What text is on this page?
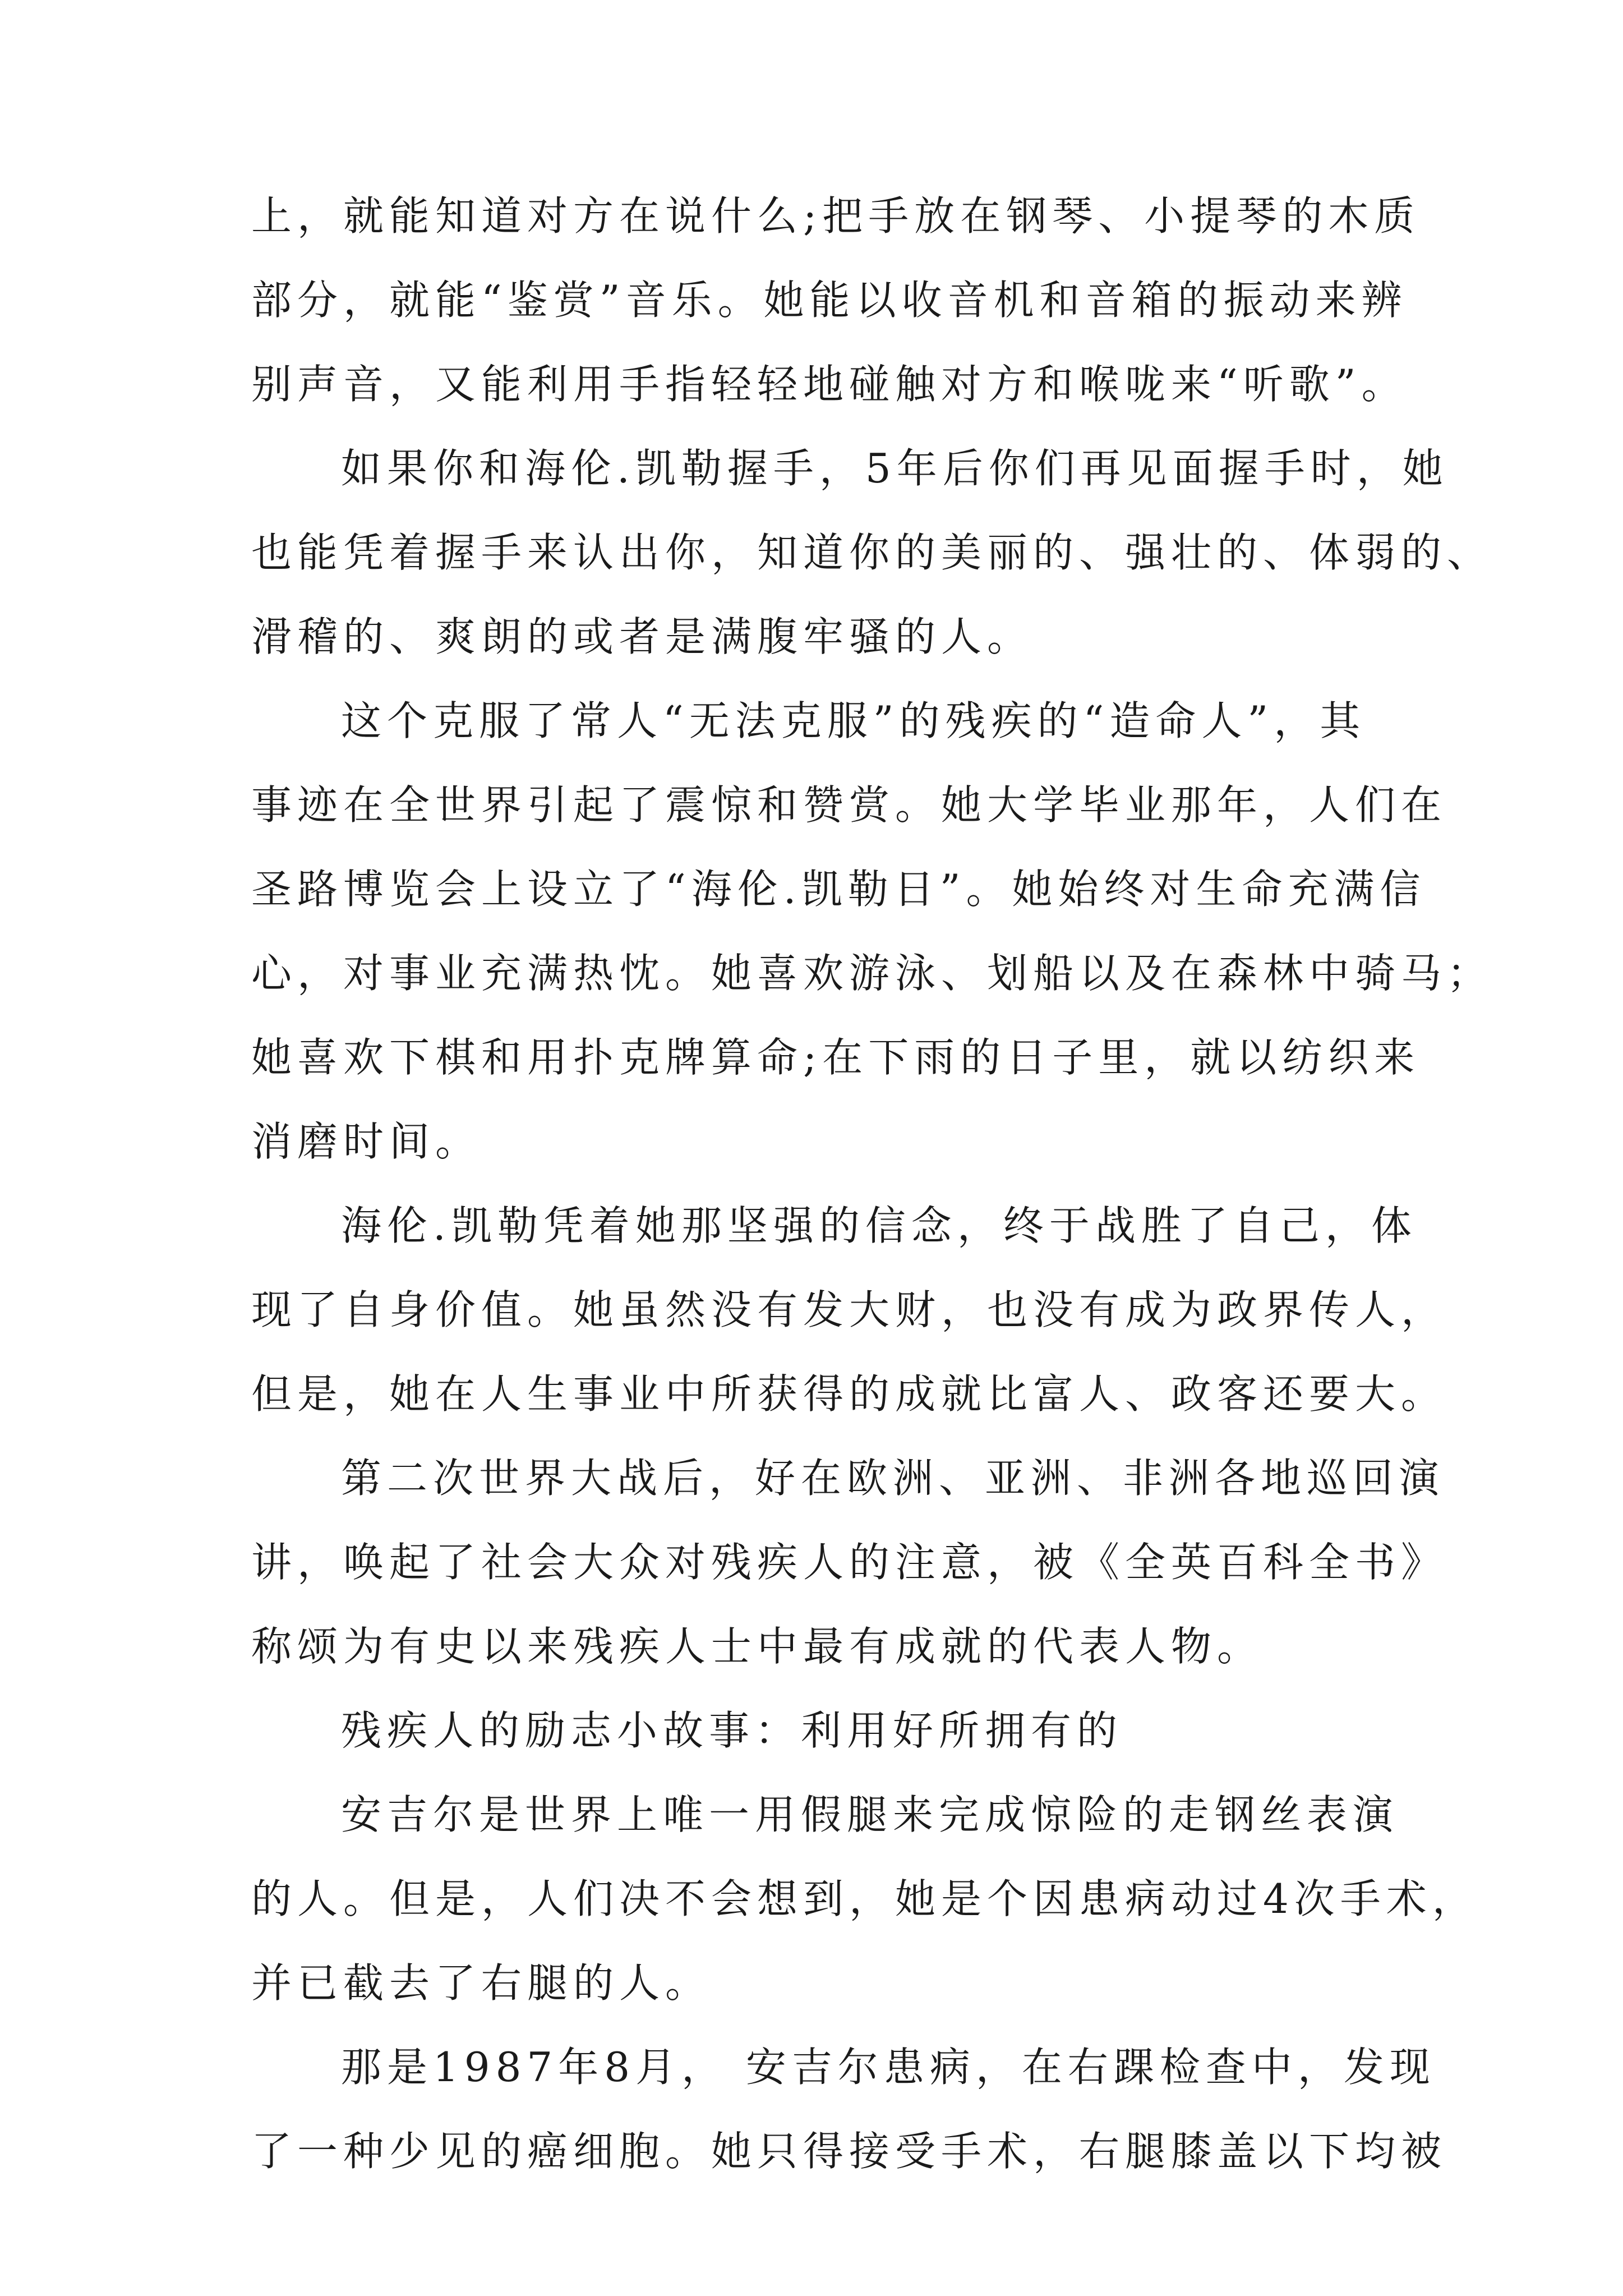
上，就能知道对方在说什么;把手放在钢琴、小提琴的木质
部分，就能“鉴赏”音乐。她能以收音机和音箱的振动来辨
别声音，又能利用手指轻轻地碰触对方和喉咙来“听歌”。
如果你和海伦.凯勒握手，5年后你们再见面握手时，她
也能凭着握手来认出你，知道你的美丽的、强壮的、体弱的、
滑稽的、爽朗的或者是满腹牢骚的人。
这个克服了常人“无法克服”的残疾的“造命人”，其
事迹在全世界引起了震惊和赞赏。她大学毕业那年，人们在
圣路博览会上设立了“海伦.凯勒日”。她始终对生命充满信
心，对事业充满热忱。她喜欢游泳、划船以及在森林中骑马；
她喜欢下棋和用扑克牌算命;在下雨的日子里，就以纺织来
消磨时间。
海伦.凯勒凭着她那坚强的信念，终于战胜了自己，体
现了自身价值。她虽然没有发大财，也没有成为政界传人，
但是，她在人生事业中所获得的成就比富人、政客还要大。
第二次世界大战后，好在欧洲、亚洲、非洲各地巡回演
讲，唤起了社会大众对残疾人的注意，被《全英百科全书》
称颂为有史以来残疾人士中最有成就的代表人物。
残疾人的励志小故事：利用好所拥有的
安吉尔是世界上唯一用假腿来完成惊险的走钢丝表演
的人。但是，人们决不会想到，她是个因患病动过4次手术，
并已截去了右腿的人。
那是1987年8月， 安吉尔患病，在右踝检查中，发现
了一种少见的癌细胞。她只得接受手术，右腿膝盖以下均被
